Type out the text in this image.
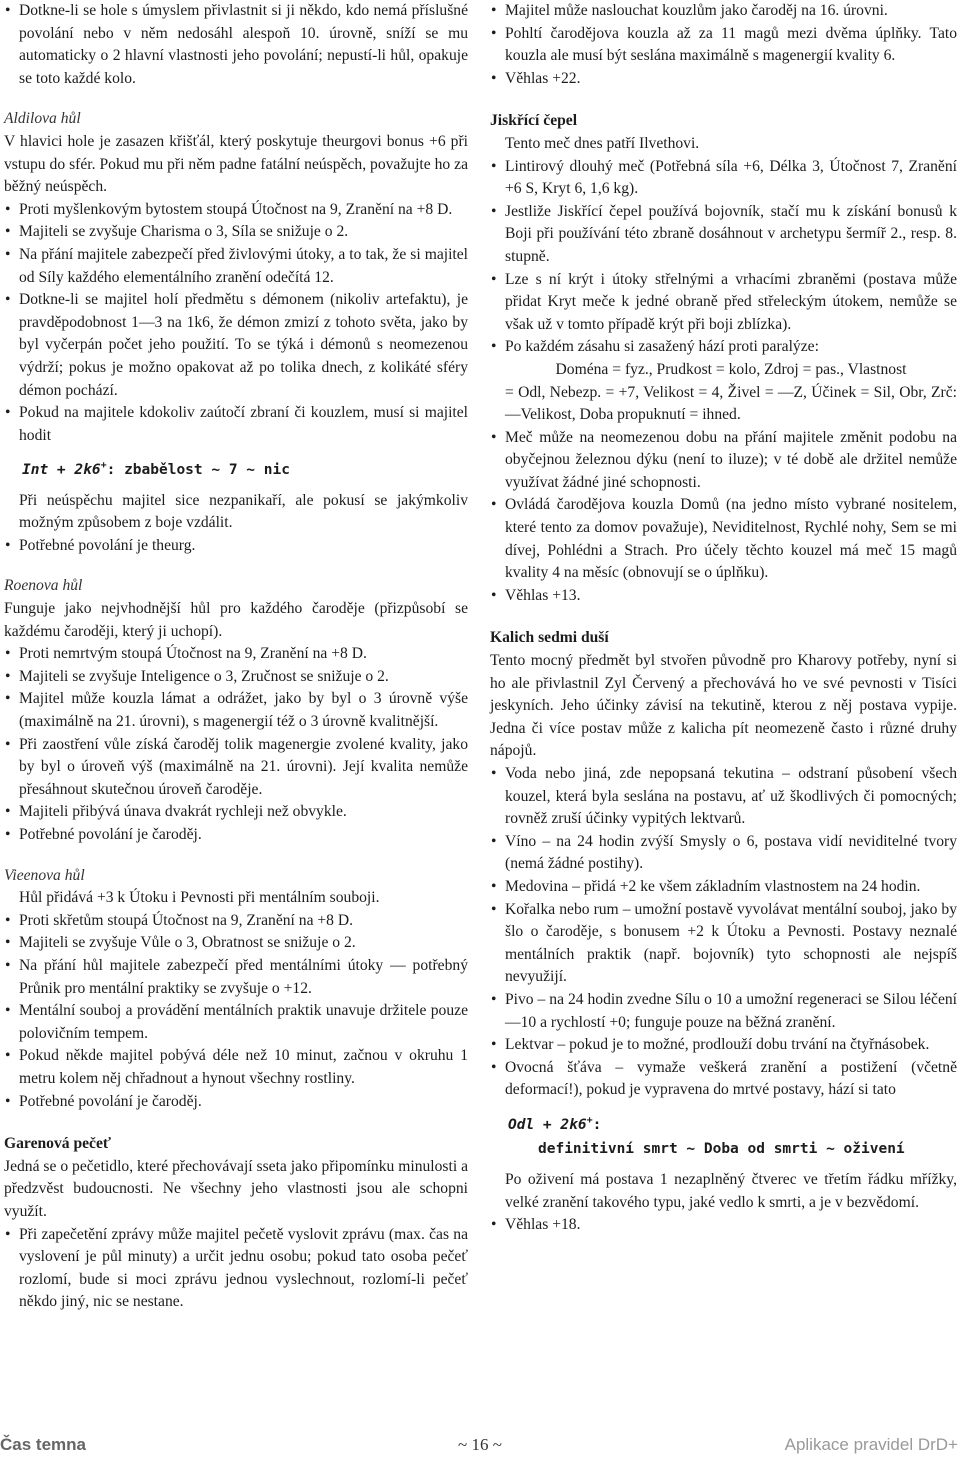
• Dotkne-li se hole s úmyslem přivlastnit si ji někdo, kdo nemá příslušné povolání nebo v něm nedosáhl alespoň 10. úrovně, sníží se mu automaticky o 2 hlavní vlastnosti jeho povolání; nepustí-li hůl, opakuje se toto každé kolo.

Aldilova hůl

V hlavici hole je zasazen křišťál, který poskytuje theurgovi bonus +6 při vstupu do sfér. Pokud mu při něm padne fatální neúspěch, považujte ho za běžný neúspěch.

• Proti myšlenkovým bytostem stoupá Útočnost na 9, Zranění na +8 D.
• Majiteli se zvyšuje Charisma o 3, Síla se snižuje o 2.
• Na přání majitele zabezpečí před živlovými útoky, a to tak, že si majitel od Síly každého elementálního zranění odečítá 12.
• Dotkne-li se majitel holí předmětu s démonem (nikoliv artefaktu), je pravděpodobnost 1—3 na 1k6, že démon zmizí z tohoto světa, jako by byl vyčerpán počet jeho použití. To se týká i démonů s neomezenou výdrží; pokus je možno opakovat až po tolika dnech, z kolikáté sféry démon pochází.
• Pokud na majitele kdokoliv zaútočí zbraní či kouzlem, musí si majitel hodit
Int + 2k6+: zbabělost ~ 7 ~ nic

Při neúspěchu majitel sice nezpanikaří, ale pokusí se jakýmkoliv možným způsobem z boje vzdálit.

• Potřebné povolání je theurg.

Roenova hůl

Funguje jako nejvhodnější hůl pro každého čaroděje (přizpůsobí se každému čaroději, který ji uchopí).

• Proti nemrtvým stoupá Útočnost na 9, Zranění na +8 D.
• Majiteli se zvyšuje Inteligence o 3, Zručnost se snižuje o 2.
• Majitel může kouzla lámat a odrážet, jako by byl o 3 úrovně výše (maximálně na 21. úrovni), s magenergií též o 3 úrovně kvalitnější.
• Při zaostření vůle získá čaroděj tolik magenergie zvolené kvality, jako by byl o úroveň výš (maximálně na 21. úrovni). Její kvalita nemůže přesáhnout skutečnou úroveň čaroděje.
• Majiteli přibývá únava dvakrát rychleji než obvykle.
• Potřebné povolání je čaroděj.

Vieenova hůl

Hůl přidává +3 k Útoku i Pevnosti při mentálním souboji.

• Proti skřetům stoupá Útočnost na 9, Zranění na +8 D.
• Majiteli se zvyšuje Vůle o 3, Obratnost se snižuje o 2.
• Na přání hůl majitele zabezpečí před mentálními útoky — potřebný Průnik pro mentální praktiky se zvyšuje o +12.
• Mentální souboj a provádění mentálních praktik unavuje držitele pouze polovičním tempem.
• Pokud někde majitel pobývá déle než 10 minut, začnou v okruhu 1 metru kolem něj chřadnout a hynout všechny rostliny.
• Potřebné povolání je čaroděj.

Garenová pečeť

Jedná se o pečetidlo, které přechovávají sseta jako připomínku minulosti a předzvěst budoucnosti. Ne všechny jeho vlastnosti jsou ale schopni využít.

• Při zapečetění zprávy může majitel pečetě vyslovit zprávu (max. čas na vyslovení je půl minuty) a určit jednu osobu; pokud tato osoba pečeť rozlomí, bude si moci zprávu jednou vyslechnout, rozlomí-li pečeť někdo jiný, nic se nestane.
• Majitel může naslouchat kouzlům jako čaroděj na 16. úrovni.
• Pohltí čarodějova kouzla až za 11 magů mezi dvěma úplňky. Tato kouzla ale musí být seslána maximálně s magenergií kvality 6.
• Věhlas +22.

Jiskřící čepel

Tento meč dnes patří Ilvethovi.

• Lintirový dlouhý meč (Potřebná síla +6, Délka 3, Útočnost 7, Zranění +6 S, Kryt 6, 1,6 kg).
• Jestliže Jiskřící čepel používá bojovník, stačí mu k získání bonusů k Boji při používání této zbraně dosáhnout v archetypu šermíř 2., resp. 8. stupně.
• Lze s ní krýt i útoky střelnými a vrhacími zbraněmi (postava může přidat Kryt meče k jedné obraně před střeleckým útokem, nemůže se však už v tomto případě krýt při boji zblízka).
• Po každém zásahu si zasažený hází proti paralýze:

Doména = fyz., Prudkost = kolo, Zdroj = pas., Vlastnost

= Odl, Nebezp. = +7, Velikost = 4, Živel = —Z, Účinek = Sil, Obr, Zrč: —Velikost, Doba propuknutí = ihned.

• Meč může na neomezenou dobu na přání majitele změnit podobu na obyčejnou železnou dýku (není to iluze); v té době ale držitel nemůže využívat žádné jiné schopnosti.
• Ovládá čarodějova kouzla Domů (na jedno místo vybrané nositelem, které tento za domov považuje), Neviditelnost, Rychlé nohy, Sem se mi dívej, Pohlédni a Strach. Pro účely těchto kouzel má meč 15 magů kvality 4 na měsíc (obnovují se o úplňku).
• Věhlas +13.

Kalich sedmi duší

Tento mocný předmět byl stvořen původně pro Kharovy potřeby, nyní si ho ale přivlastnil Zyl Červený a přechovává ho ve své pevnosti v Tisíci jeskyních. Jeho účinky závisí na tekutině, kterou z něj postava vypije. Jedna či více postav může z kalicha pít neomezeně často i různé druhy nápojů.

• Voda nebo jiná, zde nepopsaná tekutina – odstraní působení všech kouzel, která byla seslána na postavu, ať už škodlivých či pomocných; rovněž zruší účinky vypitých lektvarů.
• Víno – na 24 hodin zvýší Smysly o 6, postava vidí neviditelné tvory (nemá žádné postihy).
• Medovina – přidá +2 ke všem základním vlastnostem na 24 hodin.
• Kořalka nebo rum – umožní postavě vyvolávat mentální souboj, jako by šlo o čaroděje, s bonusem +2 k Útoku a Pevnosti. Postavy neznalé mentálních praktik (např. bojovník) tyto schopnosti ale nejspíš nevyužijí.
• Pivo – na 24 hodin zvedne Sílu o 10 a umožní regeneraci se Silou léčení —10 a rychlostí +0; funguje pouze na běžná zranění.
• Lektvar – pokud je to možné, prodlouží dobu trvání na čtyřnásobek.
• Ovocná šťáva – vymaže veškerá zranění a postižení (včetně deformací!), pokud je vypravena do mrtvé postavy, hází si tato
Odl + 2k6+:
definitivní smrt ~ Doba od smrti ~ oživení

Po oživení má postava 1 nezaplněný čtverec ve třetím řádku mřížky, velké zranění takového typu, jaké vedlo k smrti, a je v bezvědomí.

• Věhlas +18.
Čas temna	~ 16 ~	Aplikace pravidel DrD+
